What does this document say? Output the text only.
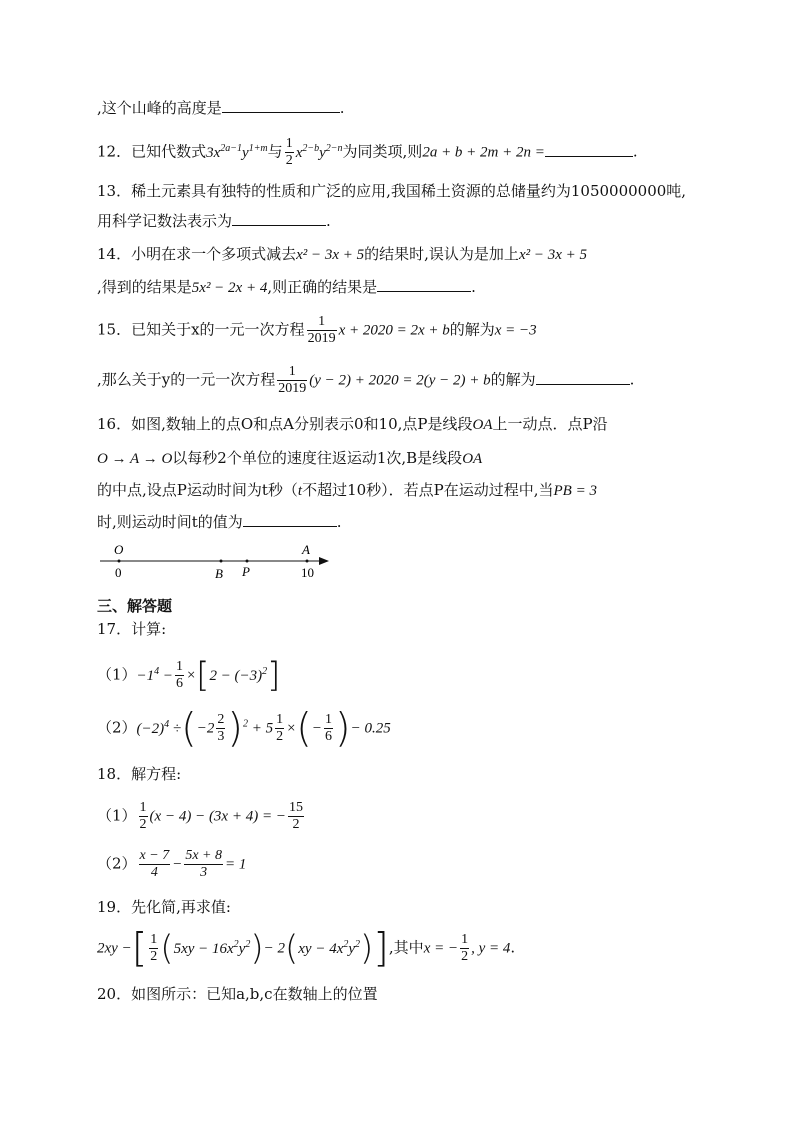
,这个山峰的高度是	.
12．已知代数式$3x^{2a-1}y^{1+m}$与 $\frac{1}{2} x^{2-b}y^{2-n}$为同类项,则2a + b + 2m + 2n =	.
13．稀土元素具有独特的性质和广泛的应用,我国稀土资源的总储量约为1050000000吨,
用科学记数法表示为	.
14．小明在求一个多项式减去x² − 3x + 5的结果时,误认为是加上x² − 3x + 5
,得到的结果是5x² − 2x + 4,则正确的结果是	.
15．已知关于x的一元一次方程 $\frac{1}{2019}$ x + 2020 = 2x + b的解为x = −3
,那么关于y的一元一次方程 $\frac{1}{2019} (y - 2) + 2020 = 2(y - 2) + b$的解为	.
16．如图,数轴上的点O和点A分别表示0和10,点P是线段OA上一动点．点P沿
O → A → O以每秒2个单位的速度往返运动1次,B是线段OA
的中点,设点P运动时间为t秒（t不超过10秒）．若点P在运动过程中,当PB = 3
时,则运动时间t的值为	.
O	A
0	10
B P
三、解答题
17．计算:
$(1)-1^4 - \frac{1}{6} \times[2 - (-3)^2]$
$(2)(-2)^4 \div(-2 \frac{2}{3} )^2 + 5 \frac{1}{2}$ ×(− $\frac{1}{6}$ )− 0.25
18．解方程:
$(1) \frac{1}{2} (x - 4) - (3x + 4)$ = − $\frac{15}{2}$
$(2) \frac{x - 7}{4} - \frac{5x + 8}{3} = 1$
19．先化简,再求值:
2xy −[ $\frac{1}{2} (5xy - 16x^2y^2)- 2(xy - 4x^2y^2)$],其中x = − $\frac{1}{2}$ , y = 4.
20．如图所示：已知a,b,c在数轴上的位置
